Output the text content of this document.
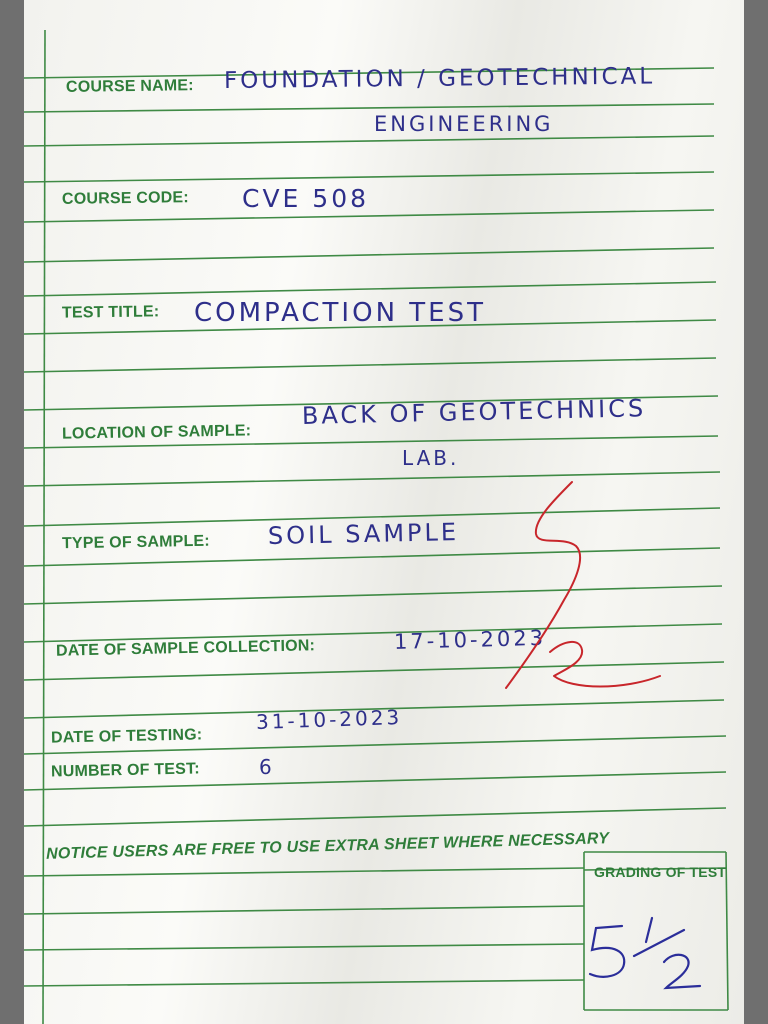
COURSE NAME: FOUNDATION / GEOTECHNICAL
ENGINEERING
COURSE CODE: CVE 508
TEST TITLE: COMPACTION TEST
LOCATION OF SAMPLE:
BACK OF GEOTECHNICS
LAB.
TYPE OF SAMPLE: SOIL SAMPLE
DATE OF SAMPLE COLLECTION:	17-10-2023
DATE OF TESTING:
31-10-2023
NUMBER OF TEST:	6
NOTICE USERS ARE FREE TO USE EXTRA SHEET WHERE NECESSARY
GRADING OF TEST
